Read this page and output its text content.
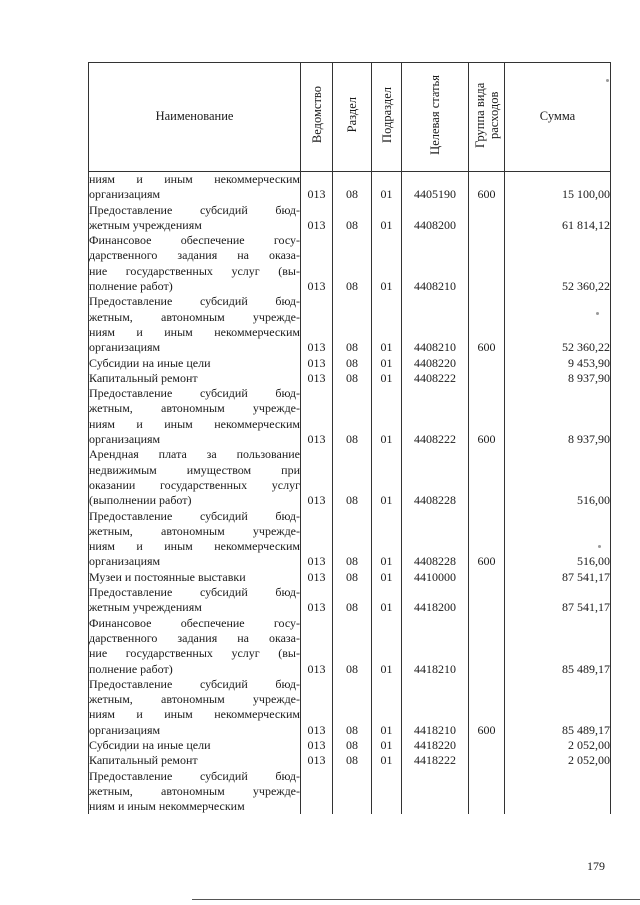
Наименование	Ведомство	Раздел	Подраздел	Целевая статья	Группа вида расходов	Сумма
ниям и иным некоммерческим						
организациям	013	08	01	4405190	600	15 100,00
Предоставление субсидий бюд-						
жетным учреждениям	013	08	01	4408200		61 814,12
Финансовое обеспечение госу-						
дарственного задания на оказа-						
ние государственных услуг (вы-						
полнение работ)	013	08	01	4408210		52 360,22
Предоставление субсидий бюд-						
жетным, автономным учрежде-						
ниям и иным некоммерческим						
организациям	013	08	01	4408210	600	52 360,22
Субсидии на иные цели	013	08	01	4408220		9 453,90
Капитальный ремонт	013	08	01	4408222		8 937,90
Предоставление субсидий бюд-						
жетным, автономным учрежде-						
ниям и иным некоммерческим						
организациям	013	08	01	4408222	600	8 937,90
Арендная плата за пользование						
недвижимым имуществом при						
оказании государственных услуг						
(выполнении работ)	013	08	01	4408228		516,00
Предоставление субсидий бюд-						
жетным, автономным учрежде-						
ниям и иным некоммерческим						
организациям	013	08	01	4408228	600	516,00
Музеи и постоянные выставки	013	08	01	4410000		87 541,17
Предоставление субсидий бюд-						
жетным учреждениям	013	08	01	4418200		87 541,17
Финансовое обеспечение госу-						
дарственного задания на оказа-						
ние государственных услуг (вы-						
полнение работ)	013	08	01	4418210		85 489,17
Предоставление субсидий бюд-						
жетным, автономным учрежде-						
ниям и иным некоммерческим						
организациям	013	08	01	4418210	600	85 489,17
Субсидии на иные цели	013	08	01	4418220		2 052,00
Капитальный ремонт	013	08	01	4418222		2 052,00
Предоставление субсидий бюд-						
жетным, автономным учрежде-						
ниям и иным некоммерческим						
179
